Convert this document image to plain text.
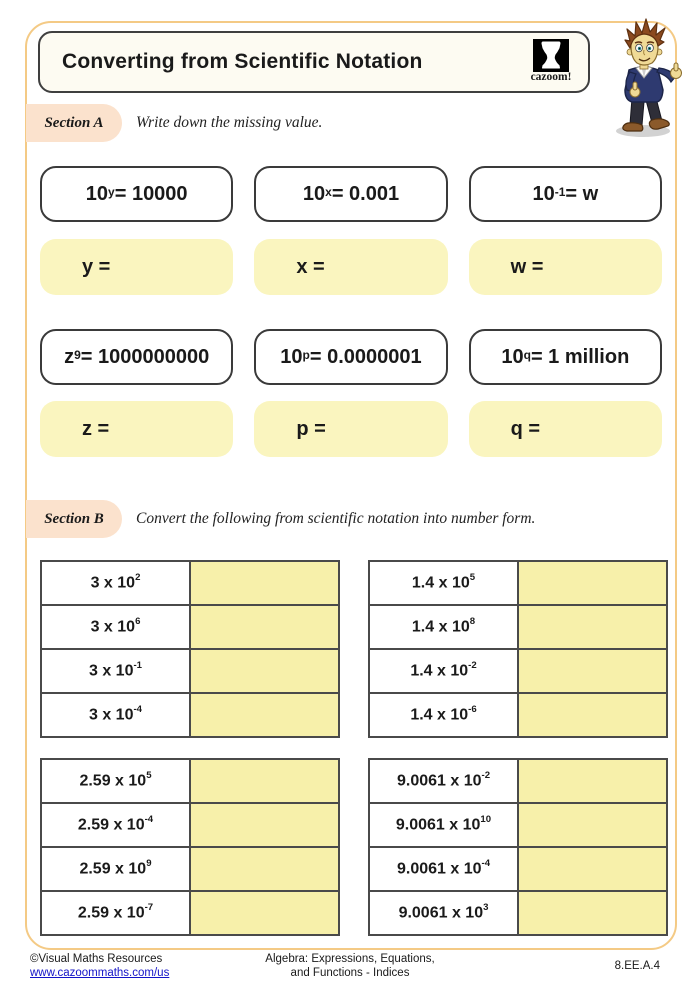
Converting from Scientific Notation
cazoom!
Section A Write down the missing value.
$10^y = 10000$	$10^x = 0.001$	$10^{-1} = w$
y =	x =	w =
$z^9 = 1000000000$	$10^p = 0.0000001$	$10^q = 1$ million
z =	p =	q =
Section B Convert the following from scientific notation into number form.
3 x $10^2$	
3 x $10^6$	
3 x $10^{-1}$	
3 x $10^{-4}$	
1.4 x $10^5$	
1.4 x $10^8$	
1.4 x $10^{-2}$	
1.4 x $10^{-6}$	
2.59 x $10^5$	
2.59 x $10^{-4}$	
2.59 x $10^9$	
2.59 x $10^{-7}$	
9.0061 x $10^{-2}$	
9.0061 x $10^{10}$	
9.0061 x $10^{-4}$	
9.0061 x $10^3$	
©Visual Maths Resources
www.cazoommaths.com/us
Algebra: Expressions, Equations,
and Functions - Indices
8.EE.A.4
